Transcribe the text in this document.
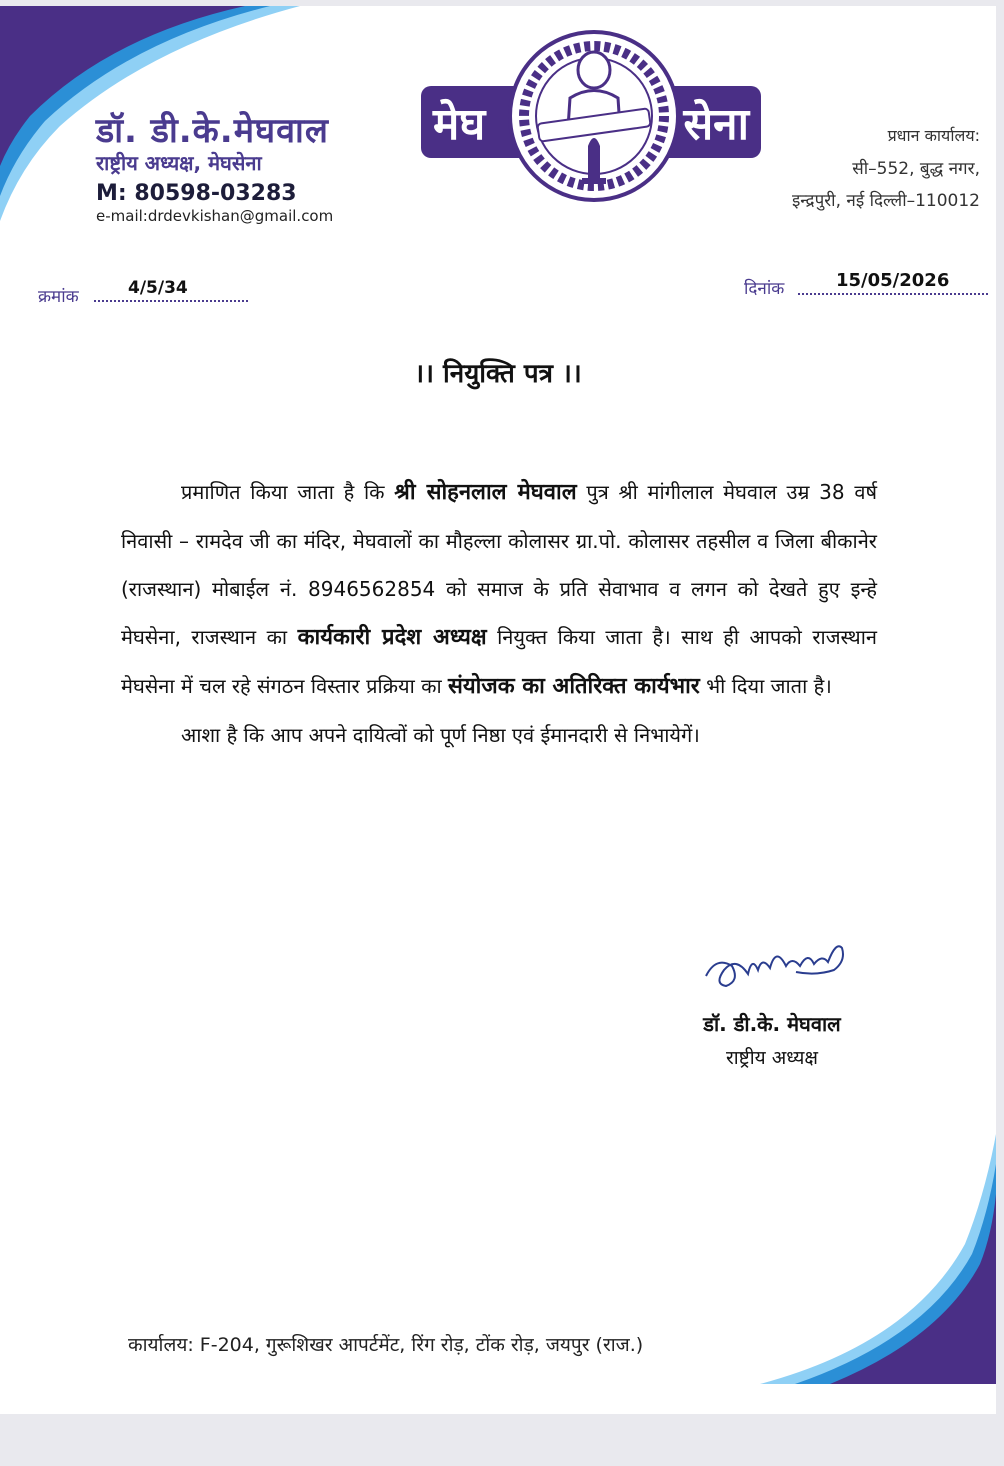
डॉ. डी.के.मेघवाल
राष्ट्रीय अध्यक्ष, मेघसेना
M: 80598-03283
e-mail:drdevkishan@gmail.com
मेघ	सेना	प्रधान कार्यालय:
सी–552, बुद्ध नगर,
इन्द्रपुरी, नई दिल्ली–110012
क्रमांक	4/5/34	दिनांक	15/05/2026
।। नियुक्ति पत्र ।।

प्रमाणित किया जाता है कि श्री सोहनलाल मेघवाल पुत्र श्री मांगीलाल मेघवाल उम्र 38 वर्ष निवासी – रामदेव जी का मंदिर, मेघवालों का मौहल्ला कोलासर ग्रा.पो. कोलासर तहसील व जिला बीकानेर (राजस्थान) मोबाईल नं. 8946562854 को समाज के प्रति सेवाभाव व लगन को देखते हुए इन्हे मेघसेना, राजस्थान का कार्यकारी प्रदेश अध्यक्ष नियुक्त किया जाता है। साथ ही आपको राजस्थान मेघसेना में चल रहे संगठन विस्तार प्रक्रिया का संयोजक का अतिरिक्त कार्यभार भी दिया जाता है।

आशा है कि आप अपने दायित्वों को पूर्ण निष्ठा एवं ईमानदारी से निभायेगें।

डॉ. डी.के. मेघवाल
राष्ट्रीय अध्यक्ष
कार्यालय: F-204, गुरूशिखर आपर्टमेंट, रिंग रोड़, टोंक रोड़, जयपुर (राज.)
